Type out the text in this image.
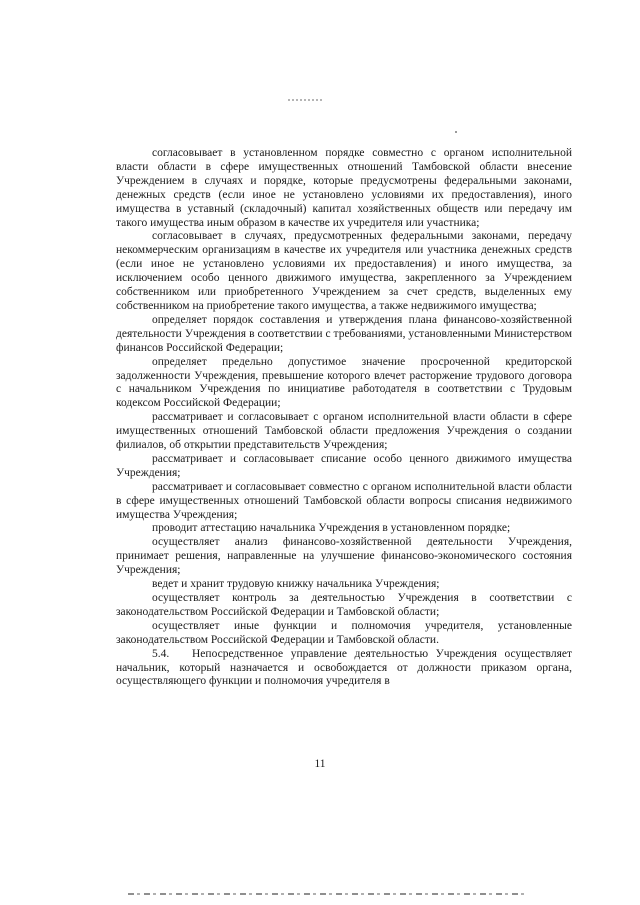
согласовывает в установленном порядке совместно с органом исполнительной власти области в сфере имущественных отношений Тамбовской области внесение Учреждением в случаях и порядке, которые предусмотрены федеральными законами, денежных средств (если иное не установлено условиями их предоставления), иного имущества в уставный (складочный) капитал хозяйственных обществ или передачу им такого имущества иным образом в качестве их учредителя или участника;

согласовывает в случаях, предусмотренных федеральными законами, передачу некоммерческим организациям в качестве их учредителя или участника денежных средств (если иное не установлено условиями их предоставления) и иного имущества, за исключением особо ценного движимого имущества, закрепленного за Учреждением собственником или приобретенного Учреждением за счет средств, выделенных ему собственником на приобретение такого имущества, а также недвижимого имущества;

определяет порядок составления и утверждения плана финансово-хозяйственной деятельности Учреждения в соответствии с требованиями, установленными Министерством финансов Российской Федерации;

определяет предельно допустимое значение просроченной кредиторской задолженности Учреждения, превышение которого влечет расторжение трудового договора с начальником Учреждения по инициативе работодателя в соответствии с Трудовым кодексом Российской Федерации;

рассматривает и согласовывает с органом исполнительной власти области в сфере имущественных отношений Тамбовской области предложения Учреждения о создании филиалов, об открытии представительств Учреждения;

рассматривает и согласовывает списание особо ценного движимого имущества Учреждения;

рассматривает и согласовывает совместно с органом исполнительной власти области в сфере имущественных отношений Тамбовской области вопросы списания недвижимого имущества Учреждения;

проводит аттестацию начальника Учреждения в установленном порядке;

осуществляет анализ финансово-хозяйственной деятельности Учреждения, принимает решения, направленные на улучшение финансово-экономического состояния Учреждения;

ведет и хранит трудовую книжку начальника Учреждения;

осуществляет контроль за деятельностью Учреждения в соответствии с законодательством Российской Федерации и Тамбовской области;

осуществляет иные функции и полномочия учредителя, установленные законодательством Российской Федерации и Тамбовской области.

5.4. Непосредственное управление деятельностью Учреждения осуществляет начальник, который назначается и освобождается от должности приказом органа, осуществляющего функции и полномочия учредителя в

11
